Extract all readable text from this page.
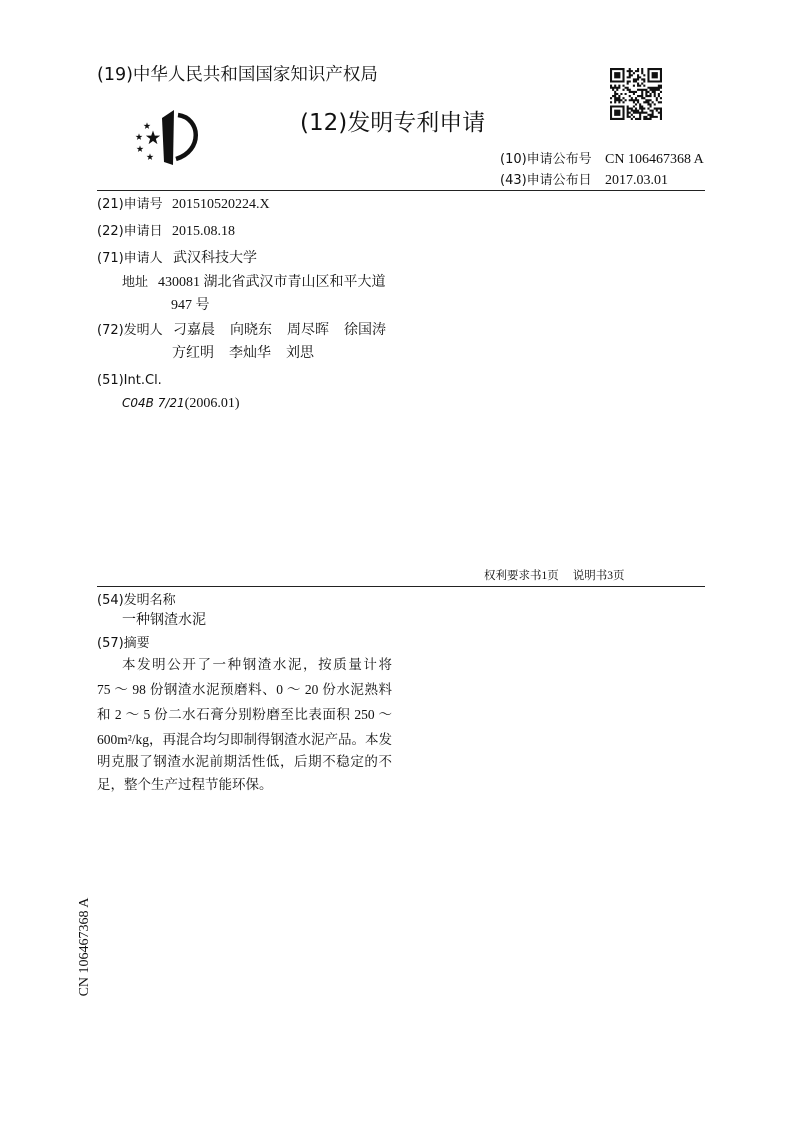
(19)中华人民共和国国家知识产权局
(12)发明专利申请
(10)申请公布号 CN 106467368 A
(43)申请公布日 2017.03.01
(21)申请号 201510520224.X
(22)申请日 2015.08.18
(71)申请人 武汉科技大学
地址 430081 湖北省武汉市青山区和平大道
947 号
(72)发明人 刁嘉晨 向晓东 周尽晖 徐国涛
方红明 李灿华 刘思
(51)Int.Cl.
C04B 7/21(2006.01)
权利要求书1页 说明书3页
(54)发明名称
一种钢渣水泥
(57)摘要
本发明公开了一种钢渣水泥，按质量计将
75 ～ 98 份钢渣水泥预磨料、0 ～ 20 份水泥熟料
和 2 ～ 5 份二水石膏分别粉磨至比表面积 250 ～
600m²/kg，再混合均匀即制得钢渣水泥产品。本发
明克服了钢渣水泥前期活性低，后期不稳定的不
足，整个生产过程节能环保。
CN 106467368 A
